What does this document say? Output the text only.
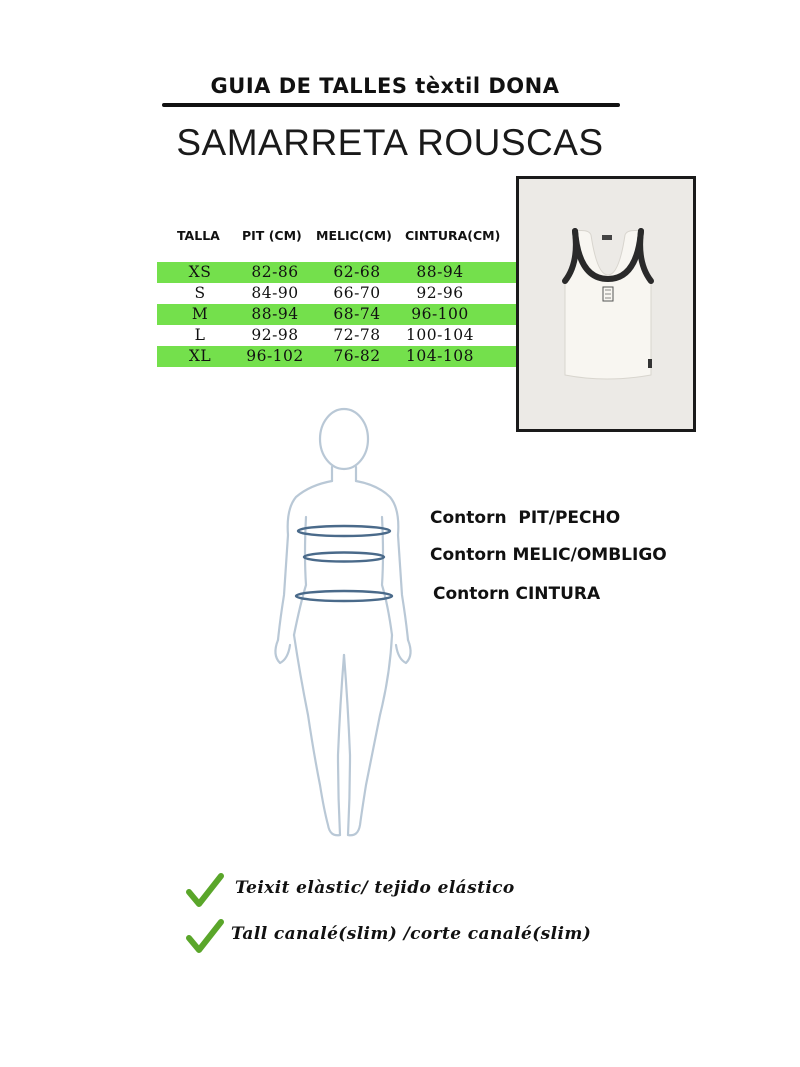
GUIA DE TALLES tèxtil DONA
SAMARRETA ROUSCAS
TALLA PIT (CM) MELIC(CM) CINTURA(CM)
XS	82-86	62-68	88-94
S	84-90	66-70	92-96
M	88-94	68-74	96-100
L	92-98	72-78	100-104
XL	96-102	76-82	104-108
Contorn  PIT/PECHO
Contorn MELIC/OMBLIGO
Contorn CINTURA
Teixit elàstic/ tejido elástico
Tall canalé(slim) /corte canalé(slim)
